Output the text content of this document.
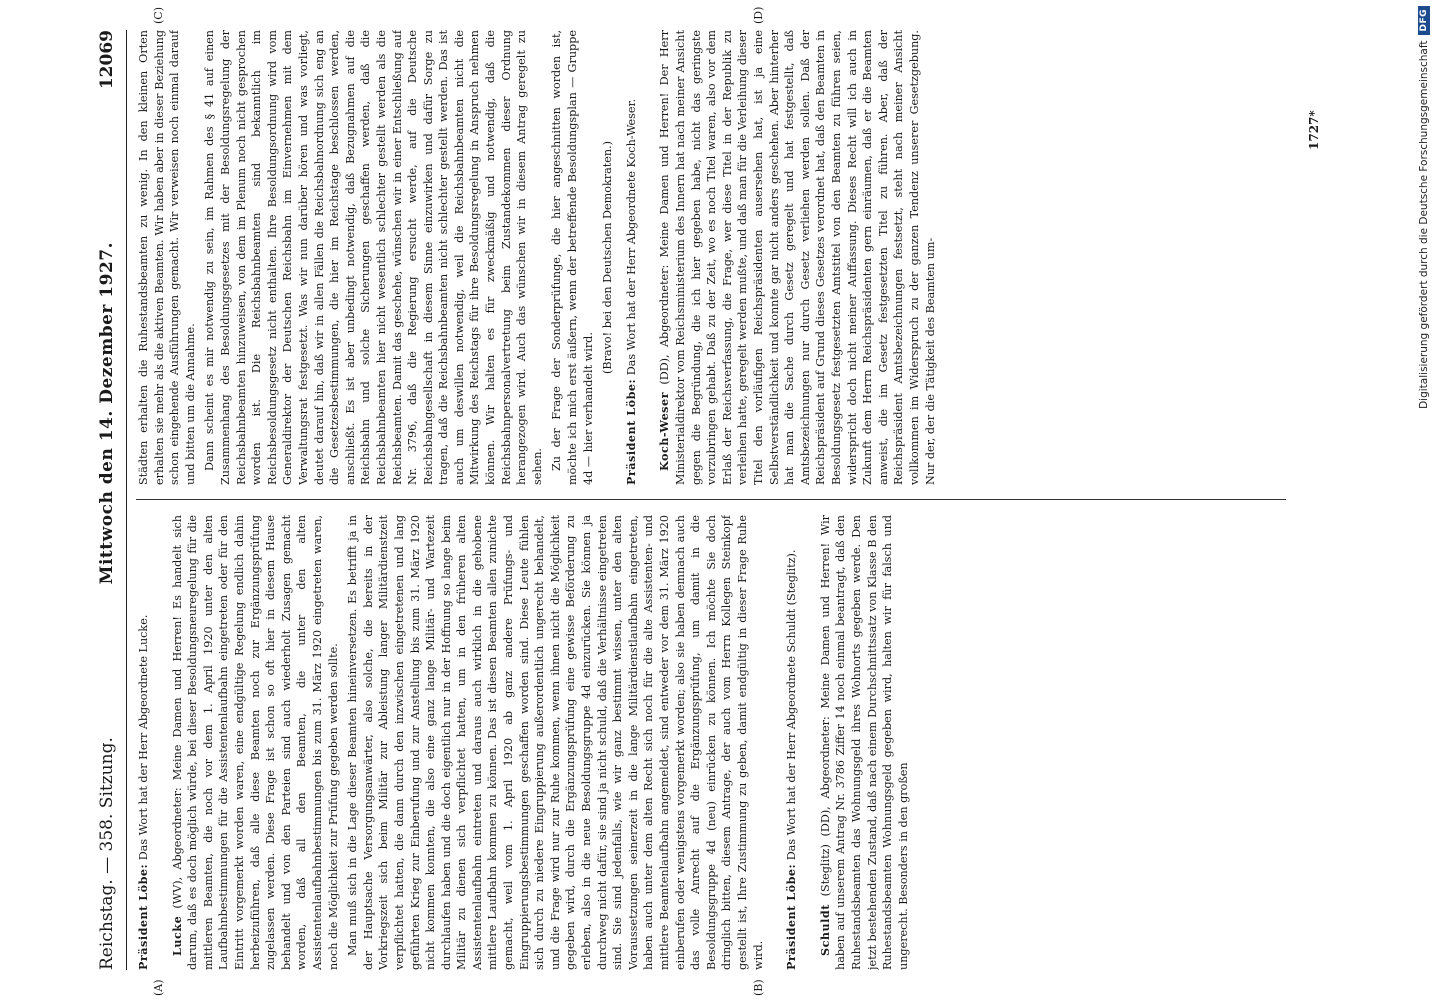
Reichstag. — 358. Sitzung.
Mittwoch den 14. Dezember 1927.
12069
(A)	(B)
(C)	(D)

Präsident Löbe: Das Wort hat der Herr Abgeordnete Lucke.

Lucke (WV), Abgeordneter: Meine Damen und Herren! Es handelt sich darum, daß es doch möglich würde, bei dieser Besoldungsneuregelung für die mittleren Beamten, die noch vor dem 1. April 1920 unter den alten Laufbahnbestimmungen für die Assistentenlaufbahn eingetreten oder für den Eintritt vorgemerkt worden waren, eine endgültige Regelung endlich dahin herbeizuführen, daß alle diese Beamten noch zur Ergänzungsprüfung zugelassen werden. Diese Frage ist schon so oft hier in diesem Hause behandelt und von den Parteien sind auch wiederholt Zusagen gemacht worden, daß all den Beamten, die unter den alten Assistentenlaufbahnbestimmungen bis zum 31. März 1920 eingetreten waren, noch die Möglichkeit zur Prüfung gegeben werden sollte. Man muß sich in die Lage dieser Beamten hineinversetzen. Es betrifft ja in der Hauptsache Versorgungsanwärter, also solche, die bereits in der Vorkriegszeit sich beim Militär zur Ableistung langer Militärdienstzeit verpflichtet hatten, die dann durch den inzwischen eingetretenen und lang geführten Krieg zur Einberufung und zur Anstellung bis zum 31. März 1920 nicht kommen konnten, die also eine ganz lange Militär- und Wartezeit durchlaufen haben und die doch eigentlich nur in der Hoffnung so lange beim Militär zu dienen sich verpflichtet hatten, um in den früheren alten Assistentenlaufbahn eintreten und daraus auch wirklich in die gehobene mittlere Laufbahn kommen zu können. Das ist diesen Beamten allen zunichte gemacht, weil vom 1. April 1920 ab ganz andere Prüfungs- und Eingruppierungsbestimmungen geschaffen worden sind. Diese Leute fühlen sich durch zu niedere Eingruppierung außerordentlich ungerecht behandelt, und die Frage wird nur zur Ruhe kommen, wenn ihnen nicht die Möglichkeit gegeben wird, durch die Ergänzungsprüfung eine gewisse Beförderung zu erleben, also in die neue Besoldungsgruppe 4d einzurücken. Sie können ja durchweg nicht dafür, sie sind ja nicht schuld, daß die Verhältnisse eingetreten sind. Sie sind jedenfalls, wie wir ganz bestimmt wissen, unter den alten Voraussetzungen seinerzeit in die lange Militärdienstlaufbahn eingetreten, haben auch unter dem alten Recht sich noch für die alte Assistenten- und mittlere Beamtenlaufbahn angemeldet, sind entweder vor dem 31. März 1920 einberufen oder wenigstens vorgemerkt worden; also sie haben demnach auch das volle Anrecht auf die Ergänzungsprüfung, um damit in die Besoldungsgruppe 4d (neu) einrücken zu können. Ich möchte Sie doch dringlich bitten, diesem Antrage, der auch vom Herrn Kollegen Steinkopf gestellt ist, Ihre Zustimmung zu geben, damit endgültig in dieser Frage Ruhe wird. Präsident Löbe: Das Wort hat der Herr Abgeordnete Schuldt (Steglitz).

Schuldt (Steglitz) (DD), Abgeordneter: Meine Damen und Herren! Wir haben auf unserem Antrag Nr. 3786 Ziffer 14 noch einmal beantragt, daß den Ruhestandsbeamten das Wohnungsgeld ihres Wohnorts gegeben werde. Den jetzt bestehenden Zustand, daß nach einem Durchschnittssatz von Klasse B den Ruhestandsbeamten Wohnungsgeld gegeben wird, halten wir für falsch und ungerecht. Besonders in den großen

Städten erhalten die Ruhestandsbeamten zu wenig. In den kleinen Orten erhalten sie mehr als die aktiven Beamten. Wir haben aber in dieser Beziehung schon eingehende Ausführungen gemacht. Wir verweisen noch einmal darauf und bitten um die Annahme. Dann scheint es mir notwendig zu sein, im Rahmen des § 41 auf einen Zusammenhang des Besoldungsgesetzes mit der Besoldungsregelung der Reichsbahnbeamten hinzuweisen, von dem im Plenum noch nicht gesprochen worden ist. Die Reichsbahnbeamten sind bekanntlich im Reichsbesoldungsgesetz nicht enthalten. Ihre Besoldungsordnung wird vom Generaldirektor der Deutschen Reichsbahn im Einvernehmen mit dem Verwaltungsrat festgesetzt. Was wir nun darüber hören und was vorliegt, deutet darauf hin, daß wir in allen Fällen die Reichsbahnordnung sich eng an die Gesetzesbestimmungen, die hier im Reichstage beschlossen werden, anschließt. Es ist aber unbedingt notwendig, daß Bezugnahmen auf die Reichsbahn und solche Sicherungen geschaffen werden, daß die Reichsbahnbeamten hier nicht wesentlich schlechter gestellt werden als die Reichsbeamten. Damit das geschehe, wünschen wir in einer Entschließung auf Nr. 3796, daß die Regierung ersucht werde, auf die Deutsche Reichsbahngesellschaft in diesem Sinne einzuwirken und dafür Sorge zu tragen, daß die Reichsbahnbeamten nicht schlechter gestellt werden. Das ist auch um deswillen notwendig, weil die Reichsbahnbeamten nicht die Mitwirkung des Reichstags für ihre Besoldungsregelung in Anspruch nehmen können. Wir halten es für zweckmäßig und notwendig, daß die Reichsbahnpersonalvertretung beim Zustandekommen dieser Ordnung herangezogen wird. Auch das wünschen wir in diesem Antrag geregelt zu sehen. Zu der Frage der Sonderprüfunge, die hier angeschnitten worden ist, möchte ich mich erst äußern, wenn der betreffende Besoldungsplan — Gruppe 4d — hier verhandelt wird.

(Bravo! bei den Deutschen Demokraten.)

Präsident Löbe: Das Wort hat der Herr Abgeordnete Koch-Weser.

Koch-Weser (DD), Abgeordneter: Meine Damen und Herren! Der Herr Ministerialdirektor vom Reichsministerium des Innern hat nach meiner Ansicht gegen die Begründung, die ich hier gegeben habe, nicht das geringste vorzubringen gehabt. Daß zu der Zeit, wo es noch Titel waren, also vor dem Erlaß der Reichsverfassung, die Frage, wer diese Titel in der Republik zu verleihen hatte, geregelt werden mußte, und daß man für die Verleihung dieser Titel den vorläufigen Reichspräsidenten ausersehen hat, ist ja eine Selbstverständlichkeit und konnte gar nicht anders geschehen. Aber hinterher hat man die Sache durch Gesetz geregelt und hat festgestellt, daß Amtsbezeichnungen nur durch Gesetz verliehen werden sollen. Daß der Reichspräsident auf Grund dieses Gesetzes verordnet hat, daß den Beamten in Besoldungsgesetz festgesetzten Amtstitel von den Beamten zu führen seien, widerspricht doch nicht meiner Auffassung. Dieses Recht will ich auch in Zukunft dem Herrn Reichspräsidenten gern einräumen, daß er die Beamten anweist, die im Gesetz festgesetzten Titel zu führen. Aber, daß der Reichspräsident Amtsbezeichnungen festsetzt, steht nach meiner Ansicht vollkommen im Widerspruch zu der ganzen Tendenz unserer Gesetzgebung. Nur der, der die Tätigkeit des Beamten um-

1727*	Digitalisierung gefördert durch die Deutsche Forschungsgemeinschaft
DFG
